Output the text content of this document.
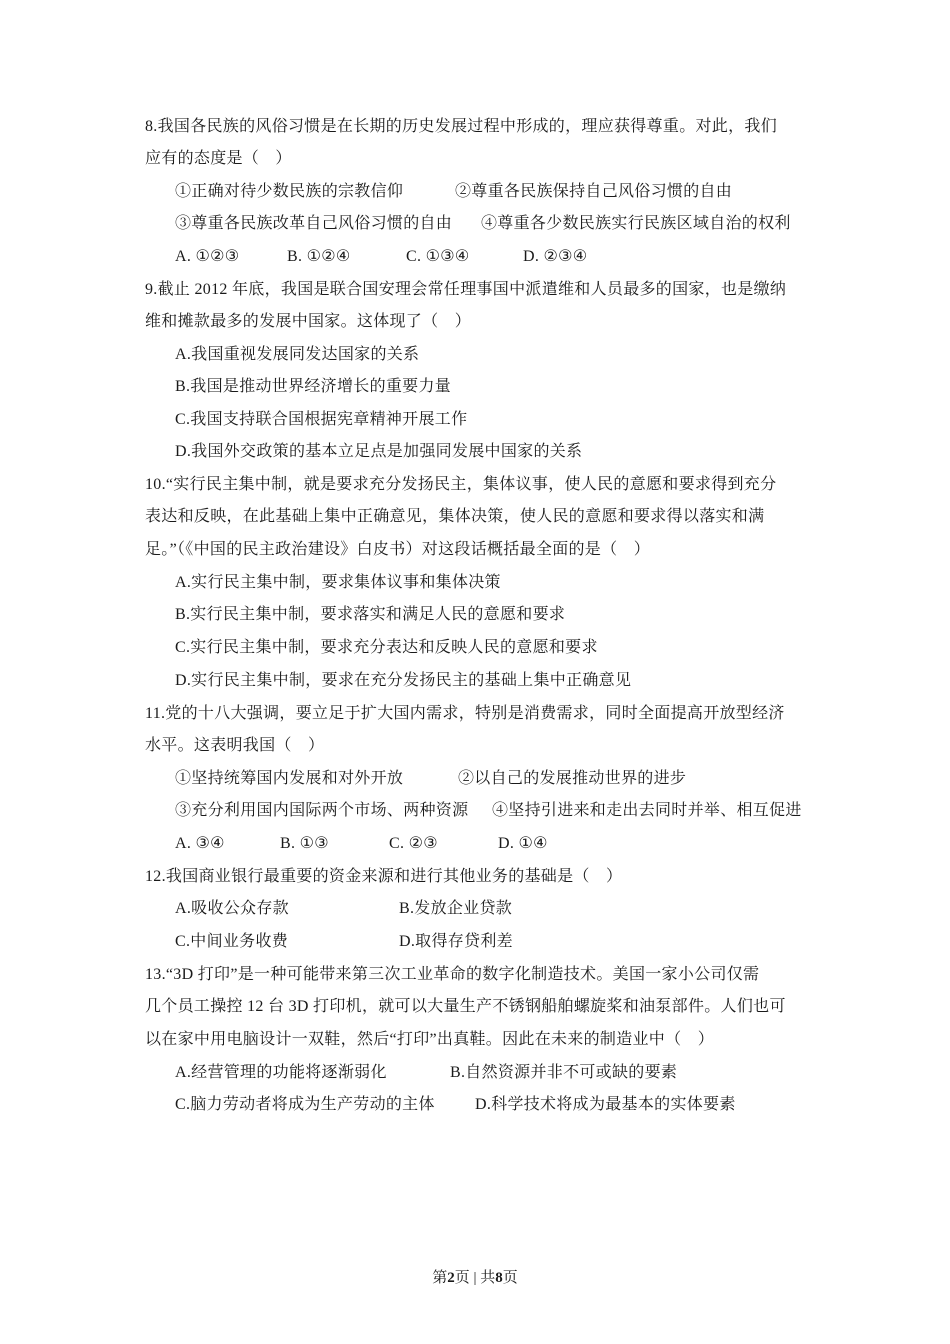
8.我国各民族的风俗习惯是在长期的历史发展过程中形成的，理应获得尊重。对此，我们
应有的态度是（　）
①正确对待少数民族的宗教信仰	②尊重各民族保持自己风俗习惯的自由
③尊重各民族改革自己风俗习惯的自由	④尊重各少数民族实行民族区域自治的权利
A. ①②③	B. ①②④	C. ①③④	D. ②③④
9.截止 2012 年底，我国是联合国安理会常任理事国中派遣维和人员最多的国家，也是缴纳
维和摊款最多的发展中国家。这体现了（　）
A.我国重视发展同发达国家的关系
B.我国是推动世界经济增长的重要力量
C.我国支持联合国根据宪章精神开展工作
D.我国外交政策的基本立足点是加强同发展中国家的关系
10.“实行民主集中制，就是要求充分发扬民主，集体议事，使人民的意愿和要求得到充分
表达和反映，在此基础上集中正确意见，集体决策，使人民的意愿和要求得以落实和满
足。”（《中国的民主政治建设》白皮书）对这段话概括最全面的是（　）
A.实行民主集中制，要求集体议事和集体决策
B.实行民主集中制，要求落实和满足人民的意愿和要求
C.实行民主集中制，要求充分表达和反映人民的意愿和要求
D.实行民主集中制，要求在充分发扬民主的基础上集中正确意见
11.党的十八大强调，要立足于扩大国内需求，特别是消费需求，同时全面提高开放型经济
水平。这表明我国（　）
①坚持统筹国内发展和对外开放	②以自己的发展推动世界的进步
③充分利用国内国际两个市场、两种资源	④坚持引进来和走出去同时并举、相互促进
A. ③④	B. ①③	C. ②③	D. ①④
12.我国商业银行最重要的资金来源和进行其他业务的基础是（　）
A.吸收公众存款	B.发放企业贷款
C.中间业务收费	D.取得存贷利差
13.“3D 打印”是一种可能带来第三次工业革命的数字化制造技术。美国一家小公司仅需
几个员工操控 12 台 3D 打印机，就可以大量生产不锈钢船舶螺旋桨和油泵部件。人们也可
以在家中用电脑设计一双鞋，然后“打印”出真鞋。因此在未来的制造业中（　）
A.经营管理的功能将逐渐弱化	B.自然资源并非不可或缺的要素
C.脑力劳动者将成为生产劳动的主体	D.科学技术将成为最基本的实体要素
第2页 | 共8页
